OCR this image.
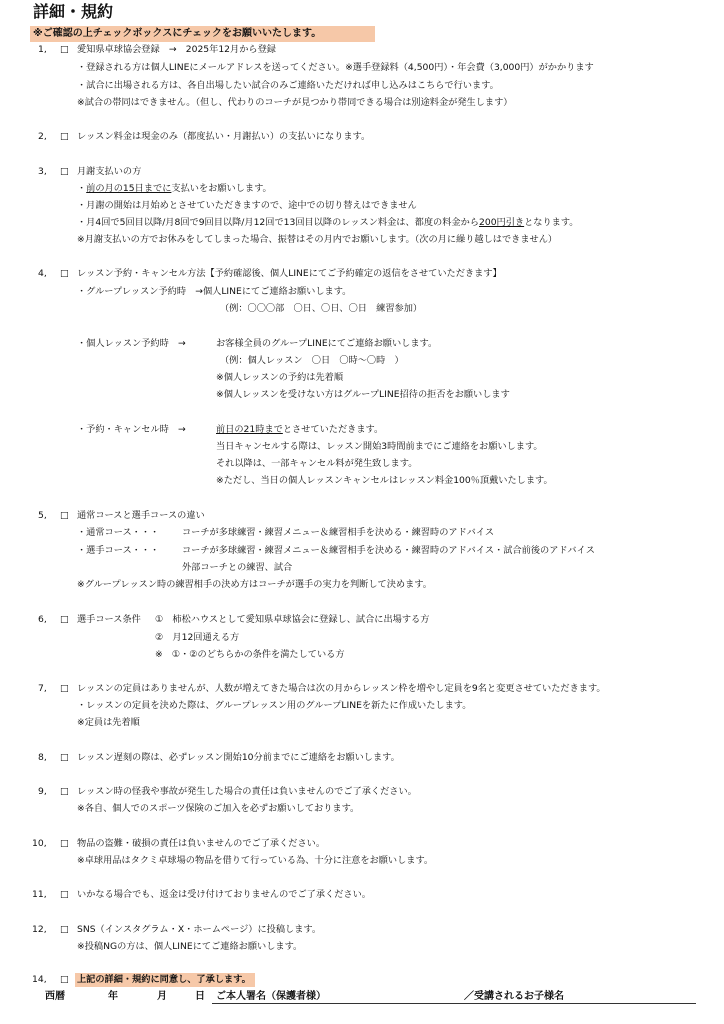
詳細・規約
※ご確認の上チェックボックスにチェックをお願いいたします。
1, □ 愛知県卓球協会登録　→　2025年12月から登録
・登録される方は個人LINEにメールアドレスを送ってください。※選手登録料（4,500円）・年会費（3,000円）がかかります
・試合に出場される方は、各自出場したい試合のみご連絡いただければ申し込みはこちらで行います。
※試合の帯同はできません。（但し、代わりのコーチが見つかり帯同できる場合は別途料金が発生します）
2, □ レッスン料金は現金のみ（都度払い・月謝払い）の支払いになります。
3, □ 月謝支払いの方
・前の月の15日までに支払いをお願いします。
・月謝の開始は月始めとさせていただきますので、途中での切り替えはできません
・月4回で5回目以降/月8回で9回目以降/月12回で13回目以降のレッスン料金は、都度の料金から200円引きとなります。
※月謝支払いの方でお休みをしてしまった場合、振替はその月内でお願いします。（次の月に繰り越しはできません）
4, □ レッスン予約・キャンセル方法【予約確認後、個人LINEにてご予約確定の返信をさせていただきます】
・グループレッスン予約時　→個人LINEにてご連絡お願いします。
（例：〇〇〇部　〇日、〇日、〇日　練習参加）
・個人レッスン予約時　→	お客様全員のグループLINEにてご連絡お願いします。
（例：個人レッスン　〇日　〇時～〇時　）
※個人レッスンの予約は先着順
※個人レッスンを受けない方はグループLINE招待の拒否をお願いします
・予約・キャンセル時　→	前日の21時までとさせていただきます。
当日キャンセルする際は、レッスン開始3時間前までにご連絡をお願いします。
それ以降は、一部キャンセル料が発生致します。
※ただし、当日の個人レッスンキャンセルはレッスン料金100％頂戴いたします。
5, □ 通常コースと選手コースの違い
・通常コース・・・ コーチが多球練習・練習メニュー＆練習相手を決める・練習時のアドバイス
・選手コース・・・ コーチが多球練習・練習メニュー＆練習相手を決める・練習時のアドバイス・試合前後のアドバイス
外部コーチとの練習、試合
※グループレッスン時の練習相手の決め方はコーチが選手の実力を判断して決めます。
6, □ 選手コース条件 ①　柿松ハウスとして愛知県卓球協会に登録し、試合に出場する方
②　月12回通える方
※　①・②のどちらかの条件を満たしている方
7, □ レッスンの定員はありませんが、人数が増えてきた場合は次の月からレッスン枠を増やし定員を9名と変更させていただきます。
・レッスンの定員を決めた際は、グループレッスン用のグループLINEを新たに作成いたします。
※定員は先着順
8, □ レッスン遅刻の際は、必ずレッスン開始10分前までにご連絡をお願いします。
9, □ レッスン時の怪我や事故が発生した場合の責任は負いませんのでご了承ください。
※各自、個人でのスポーツ保険のご加入を必ずお願いしております。
10, □ 物品の盗難・破損の責任は負いませんのでご了承ください。
※卓球用品はタクミ卓球場の物品を借りて行っている為、十分に注意をお願いします。
11, □ いかなる場合でも、返金は受け付けておりませんのでご了承ください。
12, □ SNS（インスタグラム・X・ホームページ）に投稿します。
※投稿NGの方は、個人LINEにてご連絡お願いします。
14, □ 上記の詳細・規約に同意し、了承します。
西暦	年	月	日 ご本人署名（保護者様）	／受講されるお子様名
